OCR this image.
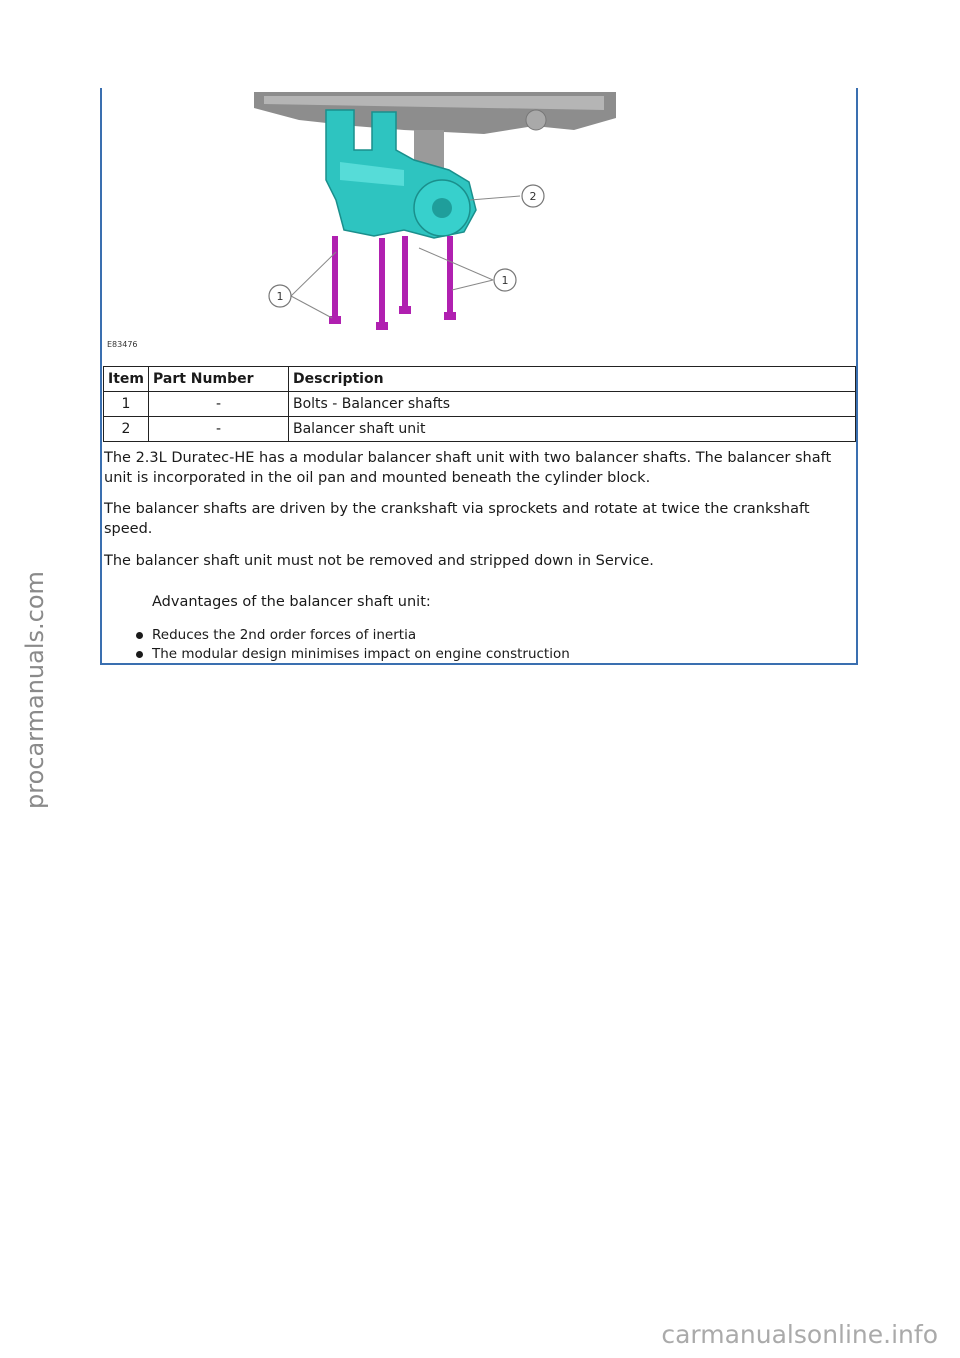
1
2
1
E83476
Item	Part Number	Description
1	-	Bolts - Balancer shafts
2	-	Balancer shaft unit

The 2.3L Duratec-HE has a modular balancer shaft unit with two balancer shafts. The balancer shaft unit is incorporated in the oil pan and mounted beneath the cylinder block.

The balancer shafts are driven by the crankshaft via sprockets and rotate at twice the crankshaft speed.

The balancer shaft unit must not be removed and stripped down in Service.

Advantages of the balancer shaft unit:

Reduces the 2nd order forces of inertia
The modular design minimises impact on engine construction
procarmanuals.com
carmanualsonline.info
